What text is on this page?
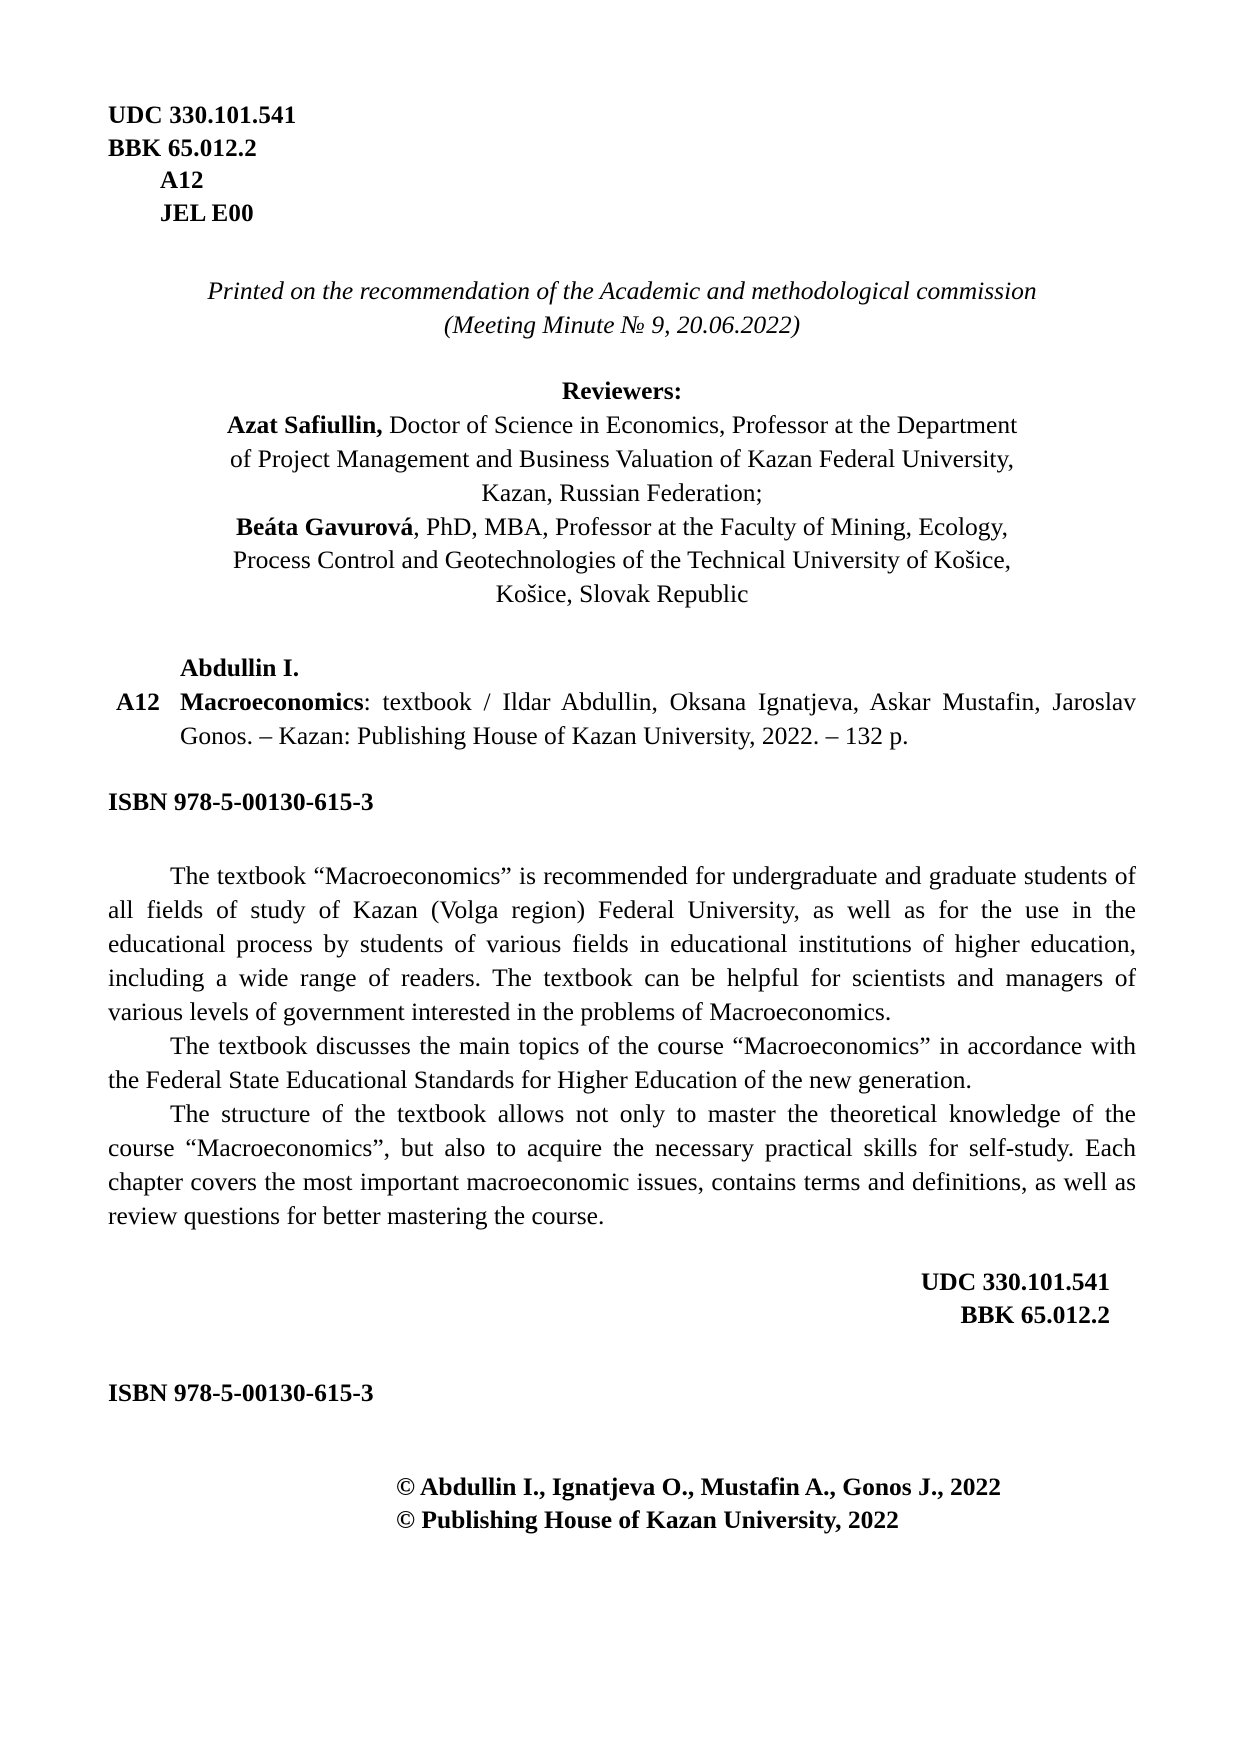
UDC 330.101.541
BBK 65.012.2
A12
JEL E00
Printed on the recommendation of the Academic and methodological commission
(Meeting Minute № 9, 20.06.2022)
Reviewers:
Azat Safiullin, Doctor of Science in Economics, Professor at the Department
of Project Management and Business Valuation of Kazan Federal University,
Kazan, Russian Federation;
Beáta Gavurová, PhD, MBA, Professor at the Faculty of Mining, Ecology,
Process Control and Geotechnologies of the Technical University of Košice,
Košice, Slovak Republic
Abdullin I.
A12 Macroeconomics: textbook / Ildar Abdullin, Oksana Ignatjeva, Askar Mustafin, Jaroslav Gonos. – Kazan: Publishing House of Kazan University, 2022. – 132 p.
ISBN 978-5-00130-615-3

The textbook “Macroeconomics” is recommended for undergraduate and graduate students of all fields of study of Kazan (Volga region) Federal University, as well as for the use in the educational process by students of various fields in educational institutions of higher education, including a wide range of readers. The textbook can be helpful for scientists and managers of various levels of government interested in the problems of Macroeconomics.

The textbook discusses the main topics of the course “Macroeconomics” in accordance with the Federal State Educational Standards for Higher Education of the new generation.

The structure of the textbook allows not only to master the theoretical knowledge of the course “Macroeconomics”, but also to acquire the necessary practical skills for self-study. Each chapter covers the most important macroeconomic issues, contains terms and definitions, as well as review questions for better mastering the course.

UDC 330.101.541
BBK 65.012.2
ISBN 978-5-00130-615-3
© Abdullin I., Ignatjeva O., Mustafin A., Gonos J., 2022
© Publishing House of Kazan University, 2022
